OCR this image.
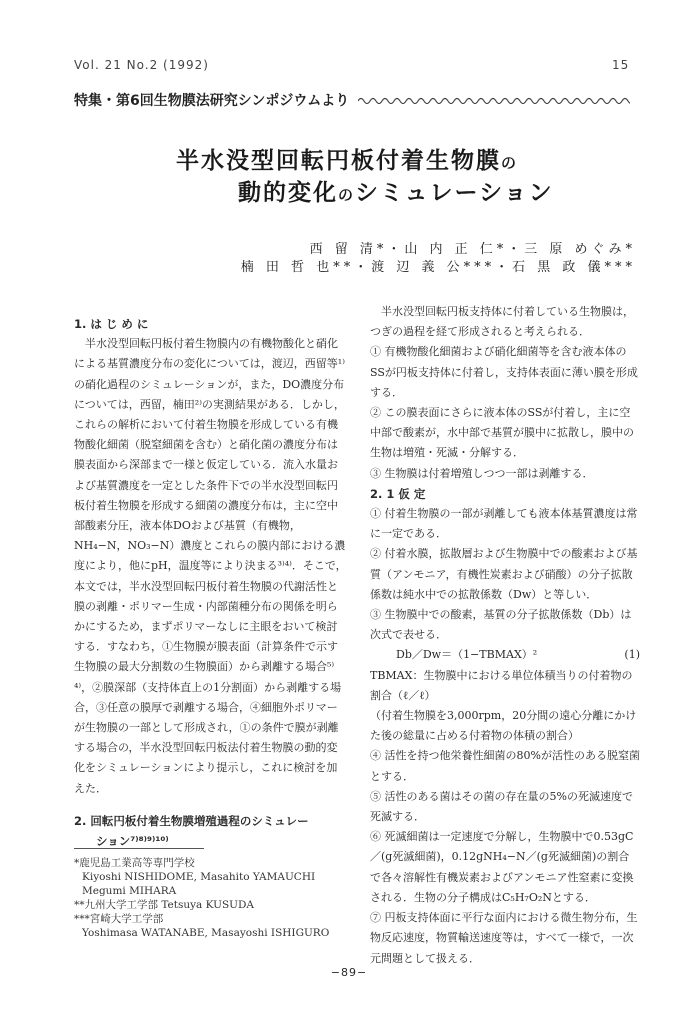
Vol. 21 No.2 (1992)	15
特集・第6回生物膜法研究シンポジウムより
半水没型回転円板付着生物膜の
動的変化のシミュレーション
西 留 清*・山 内 正 仁*・三 原 めぐみ*
楠 田 哲 也**・渡 辺 義 公***・石 黒 政 儀***

1. は じ め に

半水没型回転円板付着生物膜内の有機物酸化と硝化による基質濃度分布の変化については，渡辺，西留等¹⁾の硝化過程のシミュレーションが，また，DO濃度分布については，西留，楠田²⁾の実測結果がある．しかし，これらの解析において付着生物膜を形成している有機物酸化細菌（脱窒細菌を含む）と硝化菌の濃度分布は膜表面から深部まで一様と仮定している．流入水量および基質濃度を一定とした条件下での半水没型回転円板付着生物膜を形成する細菌の濃度分布は，主に空中部酸素分圧，液本体DOおよび基質（有機物，NH₄−N，NO₃−N）濃度とこれらの膜内部における濃度により，他にpH，温度等により決まる³⁾⁴⁾．そこで，本文では，半水没型回転円板付着生物膜の代謝活性と膜の剥離・ポリマー生成・内部菌種分布の関係を明らかにするため，まずポリマーなしに主眼をおいて検討する．すなわち，①生物膜が膜表面（計算条件で示す生物膜の最大分割数の生物膜面）から剥離する場合⁵⁾⁴⁾，②膜深部（支持体直上の1分割面）から剥離する場合，③任意の膜厚で剥離する場合，④細胞外ポリマーが生物膜の一部として形成され，①の条件で膜が剥離する場合の，半水没型回転円板法付着生物膜の動的変化をシミュレーションにより提示し，これに検討を加えた．

2. 回転円板付着生物膜増殖過程のシミュレー

ション⁷⁾⁸⁾⁹⁾¹⁰⁾

*鹿児島工業高等専門学校

Kiyoshi NISHIDOME, Masahito YAMAUCHI

Megumi MIHARA

**九州大学工学部 Tetsuya KUSUDA

***宮崎大学工学部

Yoshimasa WATANABE, Masayoshi ISHIGURO

半水没型回転円板支持体に付着している生物膜は，つぎの過程を経て形成されると考えられる．

① 有機物酸化細菌および硝化細菌等を含む液本体のSSが円板支持体に付着し，支持体表面に薄い膜を形成する．

② この膜表面にさらに液本体のSSが付着し，主に空中部で酸素が，水中部で基質が膜中に拡散し，膜中の生物は増殖・死滅・分解する．

③ 生物膜は付着増殖しつつ一部は剥離する．

2. 1 仮 定

① 付着生物膜の一部が剥離しても液本体基質濃度は常に一定である．

② 付着水膜，拡散層および生物膜中での酸素および基質（アンモニア，有機性炭素および硝酸）の分子拡散係数は純水中での拡散係数（Dw）と等しい．

③ 生物膜中での酸素，基質の分子拡散係数（Db）は次式で表せる．

Db／Dw＝（1−TBMAX）²	(1)

TBMAX：生物膜中における単位体積当りの付着物の割合（ℓ／ℓ）

（付着生物膜を3,000rpm，20分間の遠心分離にかけた後の総量に占める付着物の体積の割合）

④ 活性を持つ他栄養性細菌の80%が活性のある脱窒菌とする．

⑤ 活性のある菌はその菌の存在量の5%の死滅速度で死滅する．

⑥ 死滅細菌は一定速度で分解し，生物膜中で0.53gC／(g死滅細菌)，0.12gNH₄−N／(g死滅細菌)の割合で各々溶解性有機炭素およびアンモニア性窒素に変換される．生物の分子構成はC₅H₇O₂Nとする．

⑦ 円板支持体面に平行な面内における微生物分布，生物反応速度，物質輸送速度等は，すべて一様で，一次元問題として扱える．

−89−
